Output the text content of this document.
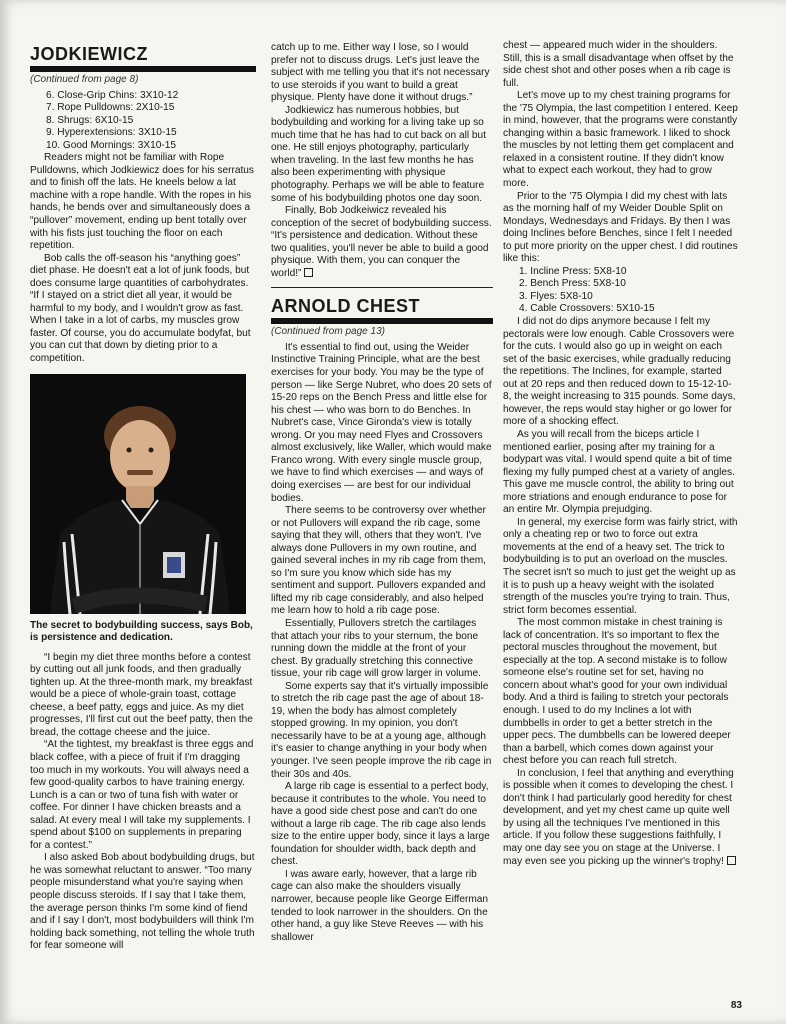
JODKIEWICZ
(Continued from page 8)
6. Close-Grip Chins: 3X10-12
7. Rope Pulldowns: 2X10-15
8. Shrugs: 6X10-15
9. Hyperextensions: 3X10-15
10. Good Mornings: 3X10-15

Readers might not be familiar with Rope Pulldowns, which Jodkiewicz does for his serratus and to finish off the lats. He kneels below a lat machine with a rope handle. With the ropes in his hands, he bends over and simultaneously does a “pullover” movement, ending up bent totally over with his fists just touching the floor on each repetition.

Bob calls the off-season his “anything goes” diet phase. He doesn't eat a lot of junk foods, but does consume large quantities of carbohydrates. “If I stayed on a strict diet all year, it would be harmful to my body, and I wouldn't grow as fast. When I take in a lot of carbs, my muscles grow faster. Of course, you do accumulate bodyfat, but you can cut that down by dieting prior to a competition.

The secret to bodybuilding success, says Bob, is persistence and dedication.

“I begin my diet three months before a contest by cutting out all junk foods, and then gradually tighten up. At the three-month mark, my breakfast would be a piece of whole-grain toast, cottage cheese, a beef patty, eggs and juice. As my diet progresses, I'll first cut out the beef patty, then the bread, the cottage cheese and the juice.

“At the tightest, my breakfast is three eggs and black coffee, with a piece of fruit if I'm dragging too much in my workouts. You will always need a few good-quality carbos to have training energy. Lunch is a can or two of tuna fish with water or coffee. For dinner I have chicken breasts and a salad. At every meal I will take my supplements. I spend about $100 on supplements in preparing for a contest.”

I also asked Bob about bodybuilding drugs, but he was somewhat reluctant to answer. “Too many people misunderstand what you're saying when people discuss steroids. If I say that I take them, the average person thinks I'm some kind of fiend and if I say I don't, most bodybuilders will think I'm holding back something, not telling the whole truth for fear someone will

catch up to me. Either way I lose, so I would prefer not to discuss drugs. Let's just leave the subject with me telling you that it's not necessary to use steroids if you want to build a great physique. Plenty have done it without drugs.”

Jodkiewicz has numerous hobbies, but bodybuilding and working for a living take up so much time that he has had to cut back on all but one. He still enjoys photography, particularly when traveling. In the last few months he has also been experimenting with physique photography. Perhaps we will be able to feature some of his bodybuilding photos one day soon.

Finally, Bob Jodkeiwicz revealed his conception of the secret of bodybuilding success. “It's persistence and dedication. Without these two qualities, you'll never be able to build a good physique. With them, you can conquer the world!”

ARNOLD CHEST
(Continued from page 13)

It's essential to find out, using the Weider Instinctive Training Principle, what are the best exercises for your body. You may be the type of person — like Serge Nubret, who does 20 sets of 15-20 reps on the Bench Press and little else for his chest — who was born to do Benches. In Nubret's case, Vince Gironda's view is totally wrong. Or you may need Flyes and Crossovers almost exclusively, like Waller, which would make Franco wrong. With every single muscle group, we have to find which exercises — and ways of doing exercises — are best for our individual bodies.

There seems to be controversy over whether or not Pullovers will expand the rib cage, some saying that they will, others that they won't. I've always done Pullovers in my own routine, and gained several inches in my rib cage from them, so I'm sure you know which side has my sentiment and support. Pullovers expanded and lifted my rib cage considerably, and also helped me learn how to hold a rib cage pose.

Essentially, Pullovers stretch the cartilages that attach your ribs to your sternum, the bone running down the middle at the front of your chest. By gradually stretching this connective tissue, your rib cage will grow larger in volume.

Some experts say that it's virtually impossible to stretch the rib cage past the age of about 18-19, when the body has almost completely stopped growing. In my opinion, you don't necessarily have to be at a young age, although it's easier to change anything in your body when younger. I've seen people improve the rib cage in their 30s and 40s.

A large rib cage is essential to a perfect body, because it contributes to the whole. You need to have a good side chest pose and can't do one without a large rib cage. The rib cage also lends size to the entire upper body, since it lays a large foundation for shoulder width, back depth and chest.

I was aware early, however, that a large rib cage can also make the shoulders visually narrower, because people like George Eifferman tended to look narrower in the shoulders. On the other hand, a guy like Steve Reeves — with his shallower

chest — appeared much wider in the shoulders. Still, this is a small disadvantage when offset by the side chest shot and other poses when a rib cage is full.

Let's move up to my chest training programs for the '75 Olympia, the last competition I entered. Keep in mind, however, that the programs were constantly changing within a basic framework. I liked to shock the muscles by not letting them get complacent and relaxed in a consistent routine. If they didn't know what to expect each workout, they had to grow more.

Prior to the '75 Olympia I did my chest with lats as the morning half of my Weider Double Split on Mondays, Wednesdays and Fridays. By then I was doing Inclines before Benches, since I felt I needed to put more priority on the upper chest. I did routines like this:

1. Incline Press: 5X8-10
2. Bench Press: 5X8-10
3. Flyes: 5X8-10
4. Cable Crossovers: 5X10-15

I did not do dips anymore because I felt my pectorals were low enough. Cable Crossovers were for the cuts. I would also go up in weight on each set of the basic exercises, while gradually reducing the repetitions. The Inclines, for example, started out at 20 reps and then reduced down to 15-12-10-8, the weight increasing to 315 pounds. Some days, however, the reps would stay higher or go lower for more of a shocking effect.

As you will recall from the biceps article I mentioned earlier, posing after my training for a bodypart was vital. I would spend quite a bit of time flexing my fully pumped chest at a variety of angles. This gave me muscle control, the ability to bring out more striations and enough endurance to pose for an entire Mr. Olympia prejudging.

In general, my exercise form was fairly strict, with only a cheating rep or two to force out extra movements at the end of a heavy set. The trick to bodybuilding is to put an overload on the muscles. The secret isn't so much to just get the weight up as it is to push up a heavy weight with the isolated strength of the muscles you're trying to train. Thus, strict form becomes essential.

The most common mistake in chest training is lack of concentration. It's so important to flex the pectoral muscles throughout the movement, but especially at the top. A second mistake is to follow someone else's routine set for set, having no concern about what's good for your own individual body. And a third is failing to stretch your pectorals enough. I used to do my Inclines a lot with dumbbells in order to get a better stretch in the upper pecs. The dumbbells can be lowered deeper than a barbell, which comes down against your chest before you can reach full stretch.

In conclusion, I feel that anything and everything is possible when it comes to developing the chest. I don't think I had particularly good heredity for chest development, and yet my chest came up quite well by using all the techniques I've mentioned in this article. If you follow these suggestions faithfully, I may one day see you on stage at the Universe. I may even see you picking up the winner's trophy!

83
